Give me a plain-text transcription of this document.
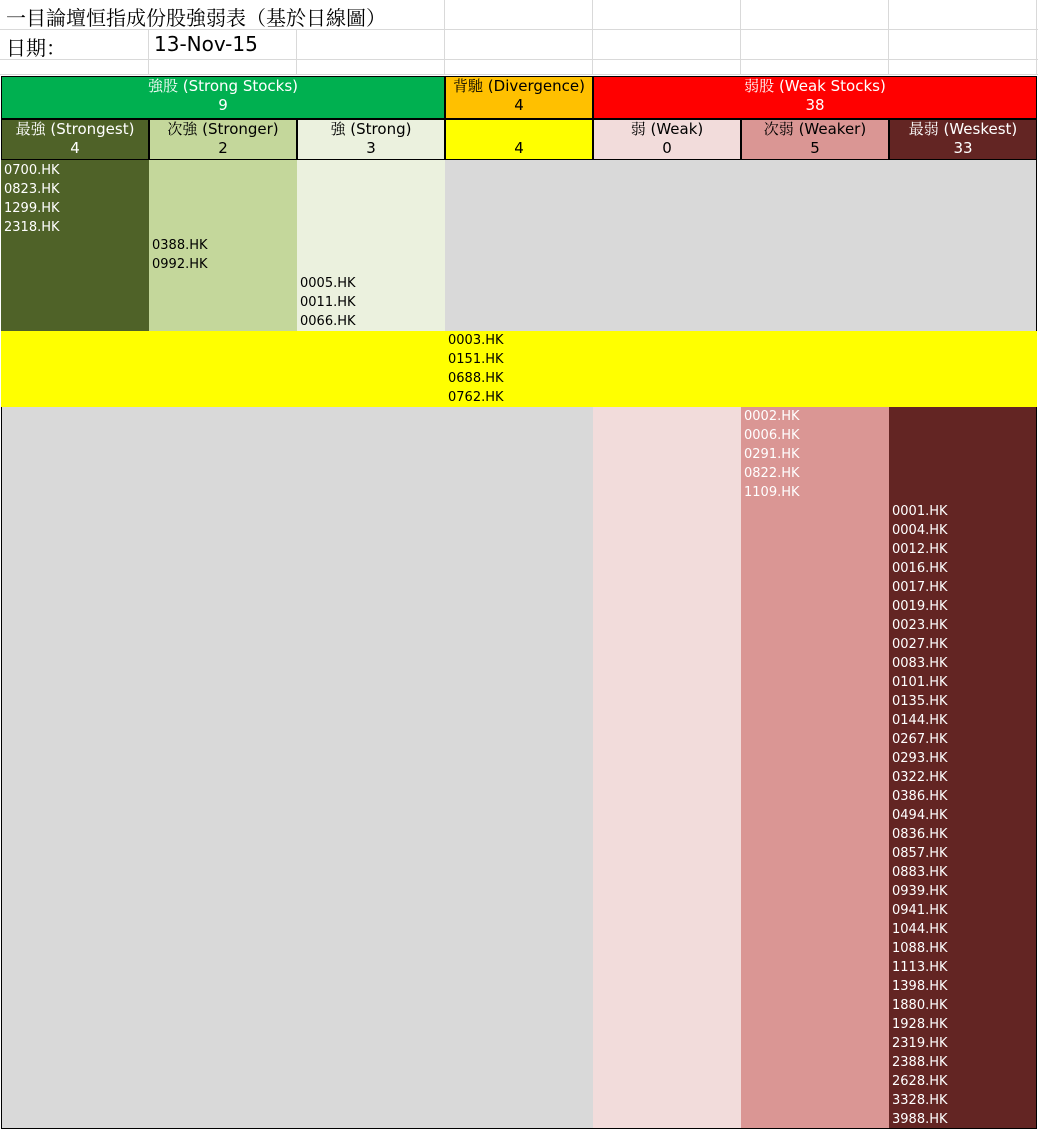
一目論壇恒指成份股強弱表（基於日線圖）
日期：	13-Nov-15
強股 (Strong Stocks)
9
背馳 (Divergence)
4
弱股 (Weak Stocks)
38
最強 (Strongest)
4
次強 (Stronger)
2
強 (Strong)
3	4
弱 (Weak)
0
次弱 (Weaker)
5
最弱 (Weskest)
33
0700.HK
0823.HK
1299.HK
2318.HK
0388.HK
0992.HK
0005.HK
0011.HK
0066.HK
0003.HK
0151.HK
0688.HK
0762.HK
0002.HK
0006.HK
0291.HK
0822.HK
1109.HK
0001.HK
0004.HK
0012.HK
0016.HK
0017.HK
0019.HK
0023.HK
0027.HK
0083.HK
0101.HK
0135.HK
0144.HK
0267.HK
0293.HK
0322.HK
0386.HK
0494.HK
0836.HK
0857.HK
0883.HK
0939.HK
0941.HK
1044.HK
1088.HK
1113.HK
1398.HK
1880.HK
1928.HK
2319.HK
2388.HK
2628.HK
3328.HK
3988.HK
